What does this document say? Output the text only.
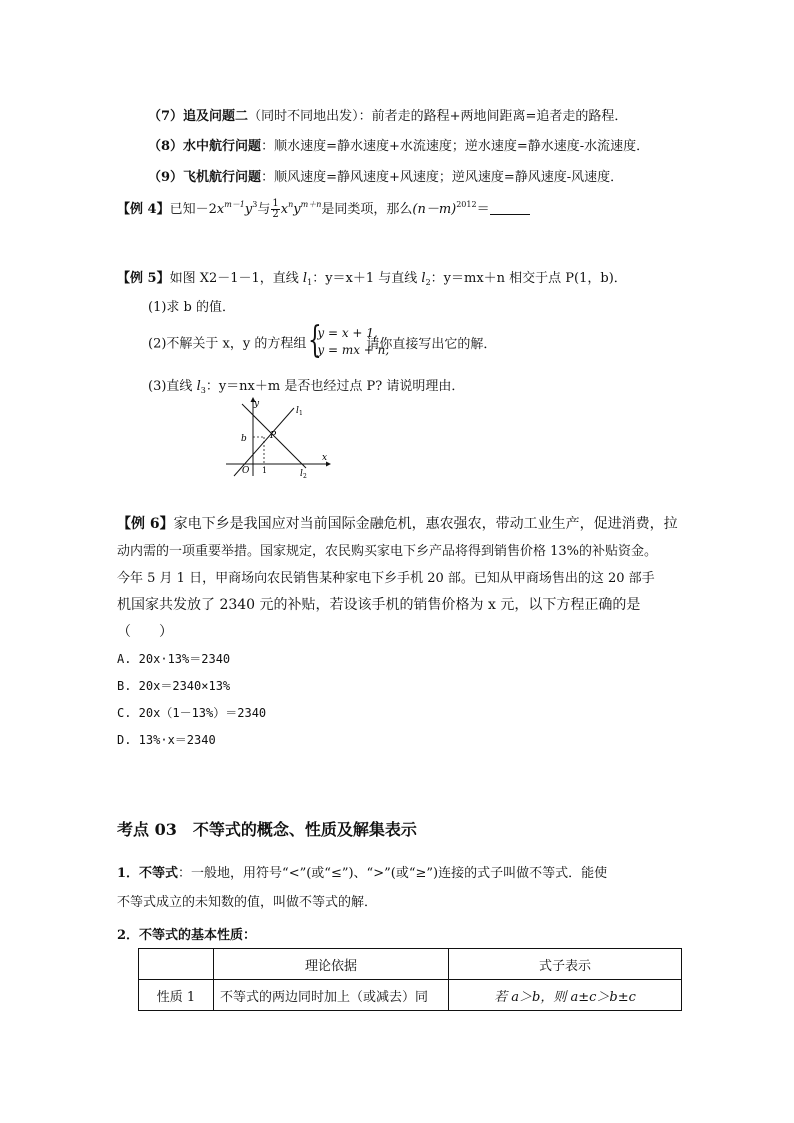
（7）追及问题二（同时不同地出发）：前者走的路程+两地间距离=追者走的路程．
（8）水中航行问题：顺水速度=静水速度+水流速度；逆水速度=静水速度-水流速度．
（9）飞机航行问题：顺风速度=静风速度+风速度；逆风速度=静风速度-风速度．
【例 4】已知$-2x^{m-1}y^3$与 $\frac{1}{2} x^ny^{m+n}$是同类项，那么$(n-m)^{2012}=$
【例 5】如图 X2－1－1，直线 $l_1$：y＝x＋1 与直线 $l_2$：y＝mx＋n 相交于点 P(1，b)．
(1)求 b 的值．
(2)不解关于 x，y 的方程组 {
y = x + 1,
y = mx + n,
请你直接写出它的解．
(3)直线 $l_3$：y＝nx＋m 是否也经过点 P? 请说明理由．
y
x
O
b
1
P
l 1
l 2
【例 6】家电下乡是我国应对当前国际金融危机，惠农强农，带动工业生产，促进消费，拉
动内需的一项重要举措。国家规定，农民购买家电下乡产品将得到销售价格 13%的补贴资金。
今年 5 月 1 日，甲商场向农民销售某种家电下乡手机 20 部。已知从甲商场售出的这 20 部手
机国家共发放了 2340 元的补贴，若设该手机的销售价格为 x 元，以下方程正确的是
（　　）
A. 20x·13%＝2340
B. 20x＝2340×13%
C. 20x（1－13%）＝2340
D. 13%·x＝2340
考点 03　不等式的概念、性质及解集表示
1．不等式：一般地，用符号“<”(或“≤”)、“>”(或“≥”)连接的式子叫做不等式．能使
不等式成立的未知数的值，叫做不等式的解．
2．不等式的基本性质：
	理论依据	式子表示
性质 1	不等式的两边同时加上（或减去）同	若 a＞b，则 a±c＞b±c
